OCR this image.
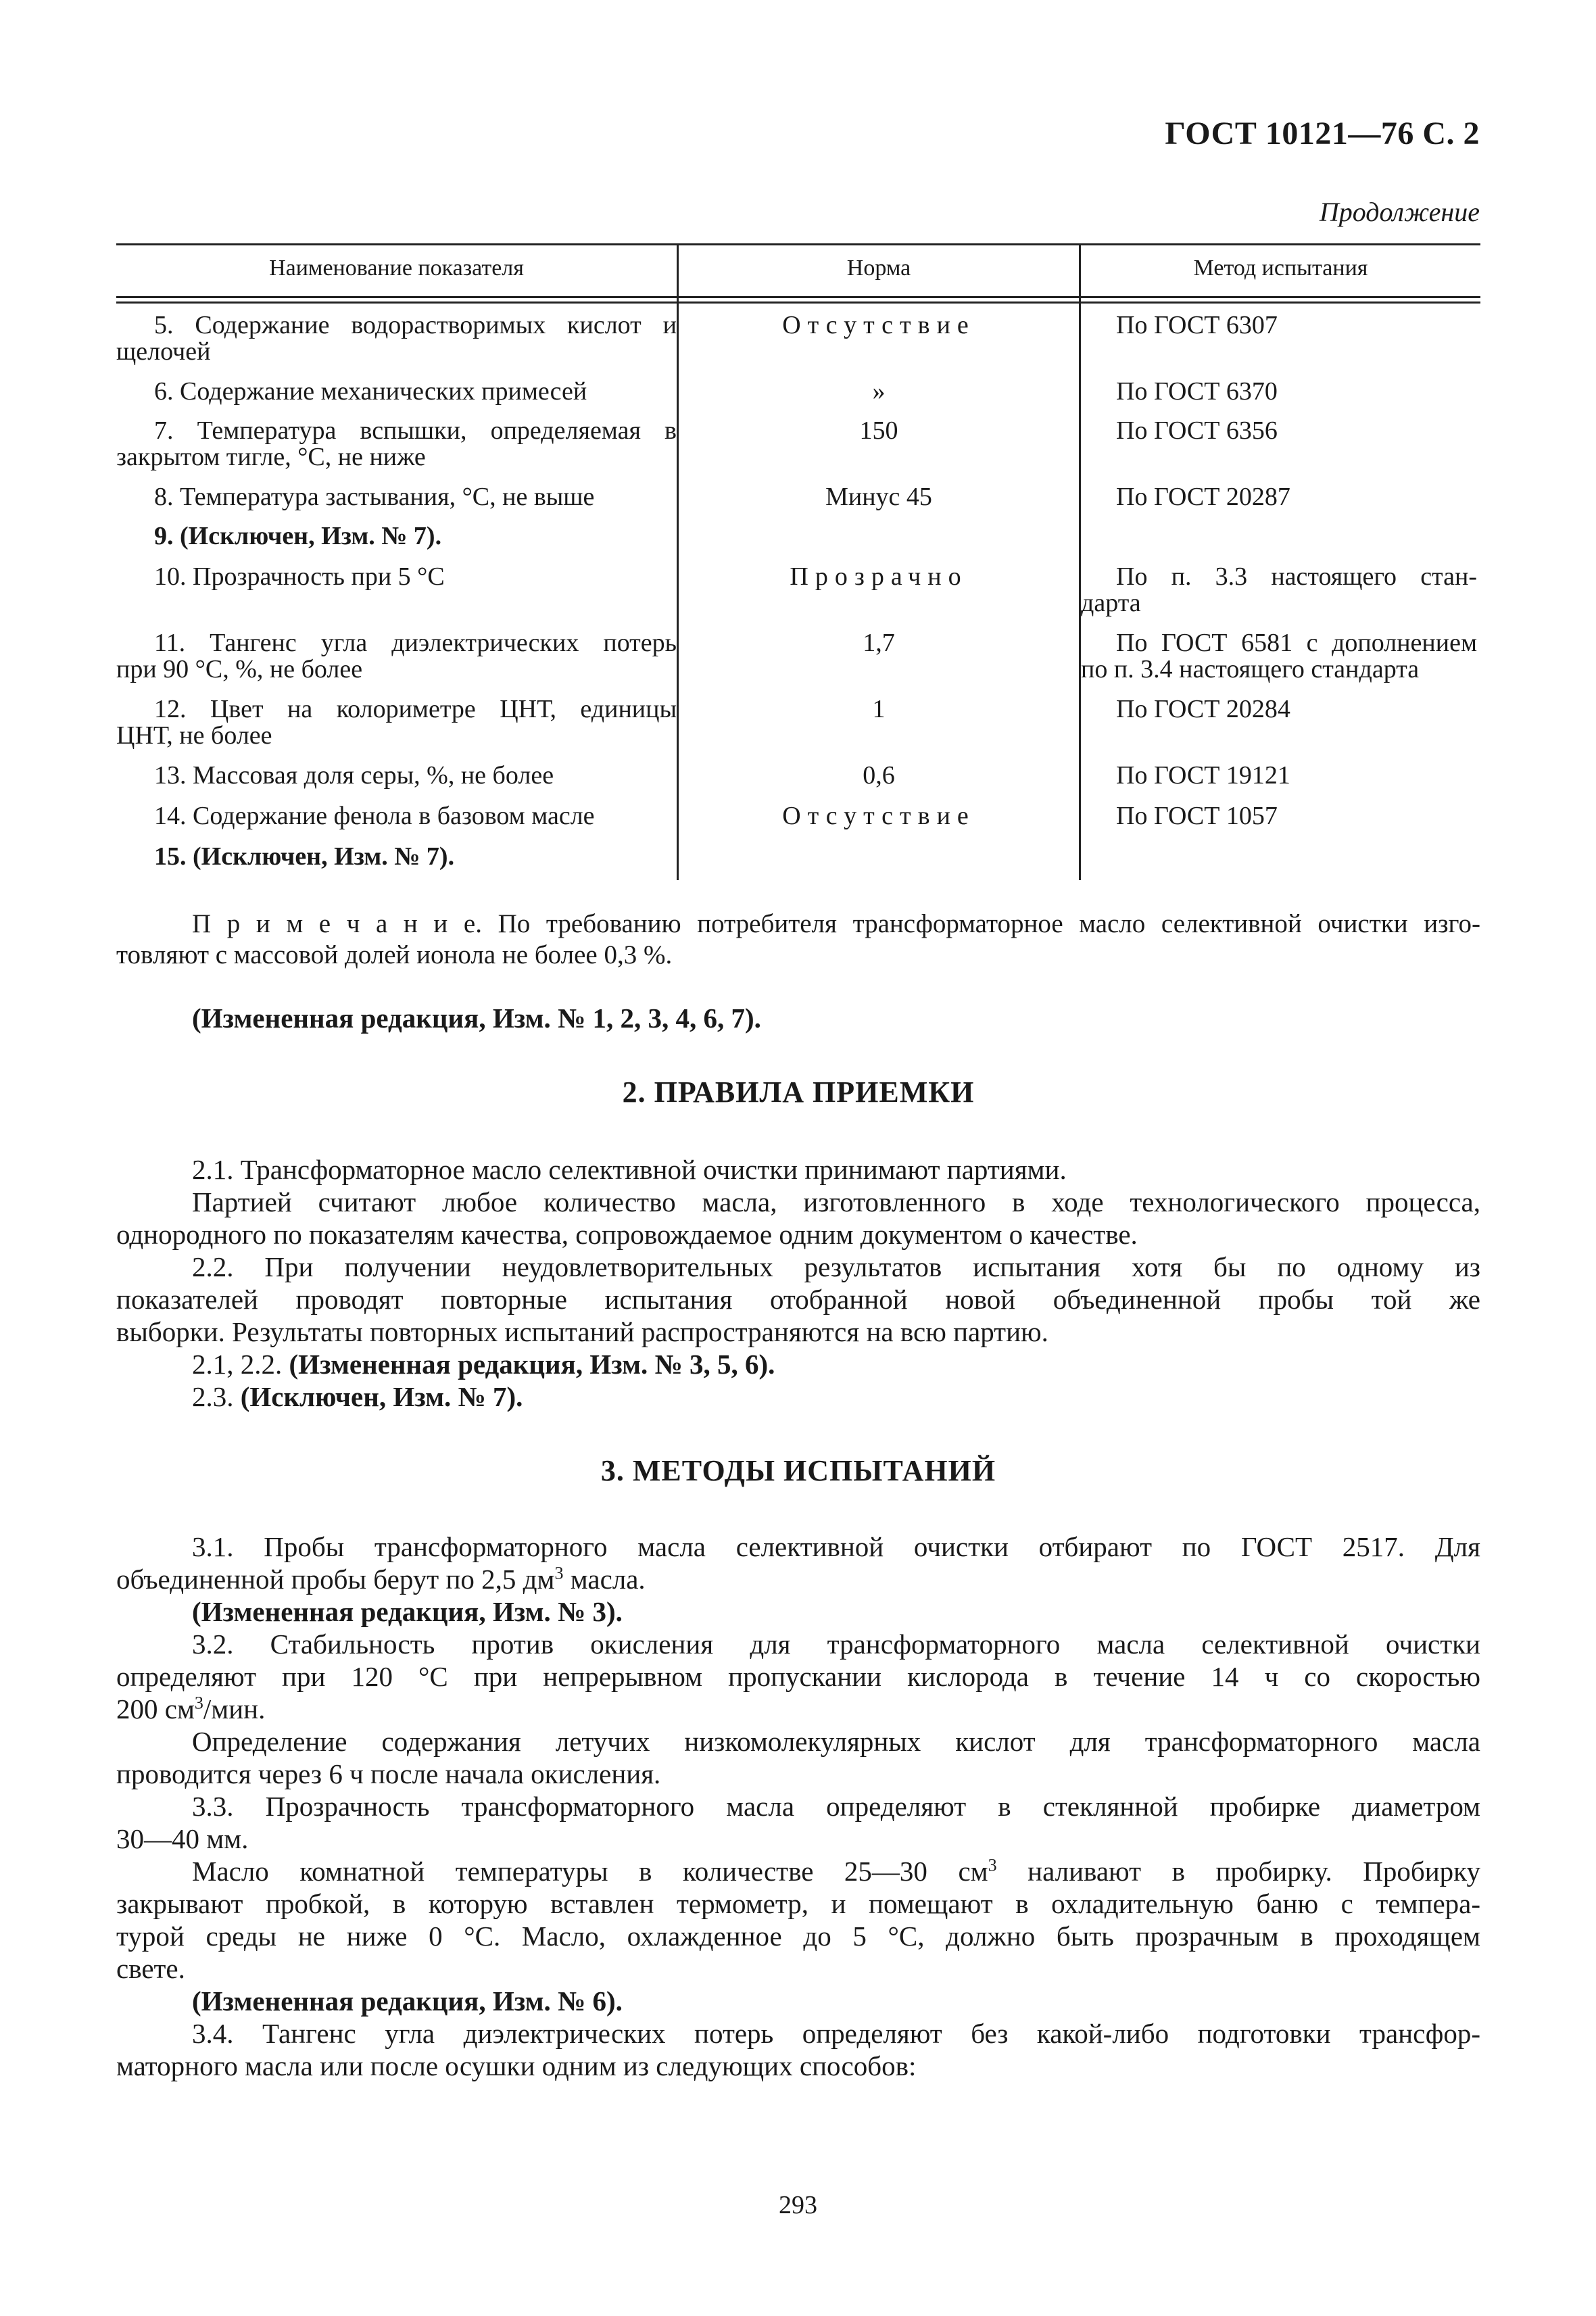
ГОСТ 10121—76 С. 2
Продолжение
Наименование показателя	Норма	Метод испытания
5. Содержание водорастворимых кислот и
щелочей
Отсутствие	По ГОСТ 6307
6. Содержание механических примесей	»	По ГОСТ 6370
7. Температура вспышки, определяемая в
закрытом тигле, °С, не ниже
150	По ГОСТ 6356
8. Температура застывания, °С, не выше	Минус 45	По ГОСТ 20287
9. (Исключен, Изм. № 7).
10. Прозрачность при 5 °С	Прозрачно	По п. 3.3 настоящего стан-
дарта
11. Тангенс угла диэлектрических потерь
при 90 °С, %, не более
1,7	По ГОСТ 6581 с дополнением
по п. 3.4 настоящего стандарта
12. Цвет на колориметре ЦНТ, единицы
ЦНТ, не более
1	По ГОСТ 20284
13. Массовая доля серы, %, не более	0,6	По ГОСТ 19121
14. Содержание фенола в базовом масле	Отсутствие	По ГОСТ 1057
15. (Исключен, Изм. № 7).
П р и м е ч а н и е. По требованию потребителя трансформаторное масло селективной очистки изго-
товляют с массовой долей ионола не более 0,3 %.
(Измененная редакция, Изм. № 1, 2, 3, 4, 6, 7).
2. ПРАВИЛА ПРИЕМКИ
2.1. Трансформаторное масло селективной очистки принимают партиями.
Партией считают любое количество масла, изготовленного в ходе технологического процесса,
однородного по показателям качества, сопровождаемое одним документом о качестве.
2.2. При получении неудовлетворительных результатов испытания хотя бы по одному из
показателей проводят повторные испытания отобранной новой объединенной пробы той же
выборки. Результаты повторных испытаний распространяются на всю партию.
2.1, 2.2. (Измененная редакция, Изм. № 3, 5, 6).
2.3. (Исключен, Изм. № 7).
3. МЕТОДЫ ИСПЫТАНИЙ
3.1. Пробы трансформаторного масла селективной очистки отбирают по ГОСТ 2517. Для
объединенной пробы берут по 2,5 $дм^3$ масла.
(Измененная редакция, Изм. № 3).
3.2. Стабильность против окисления для трансформаторного масла селективной очистки
определяют при 120 °С при непрерывном пропускании кислорода в течение 14 ч со скоростью
200 $см^3$/мин.
Определение содержания летучих низкомолекулярных кислот для трансформаторного масла
проводится через 6 ч после начала окисления.
3.3. Прозрачность трансформаторного масла определяют в стеклянной пробирке диаметром
30—40 мм.
Масло комнатной температуры в количестве 25—30 $см^3$ наливают в пробирку. Пробирку
закрывают пробкой, в которую вставлен термометр, и помещают в охладительную баню с темпера-
турой среды не ниже 0 °С. Масло, охлажденное до 5 °С, должно быть прозрачным в проходящем
свете.
(Измененная редакция, Изм. № 6).
3.4. Тангенс угла диэлектрических потерь определяют без какой-либо подготовки трансфор-
маторного масла или после осушки одним из следующих способов:
293
